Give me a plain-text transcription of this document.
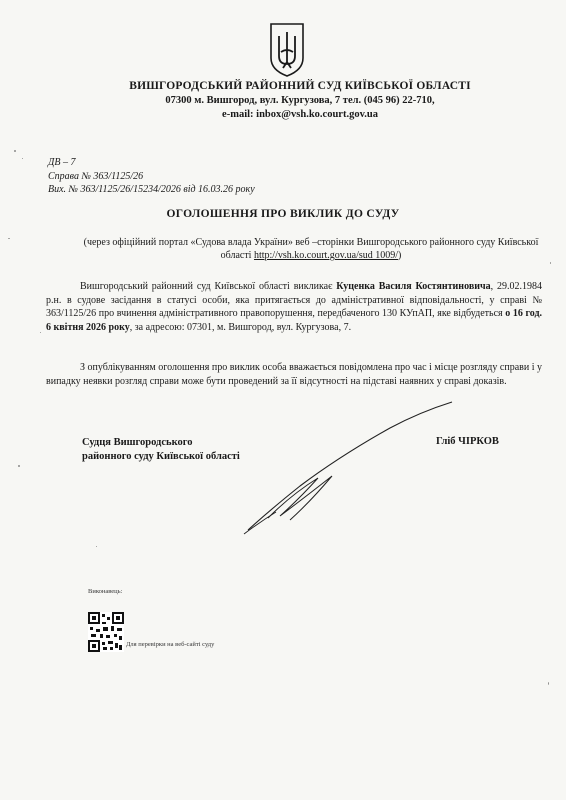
ВИШГОРОДСЬКИЙ РАЙОННИЙ СУД КИЇВСЬКОЇ ОБЛАСТІ
07300 м. Вишгород, вул. Кургузова, 7 тел. (045 96) 22-710,
e-mail: inbox@vsh.ko.court.gov.ua
ДВ – 7
Справа № 363/1125/26
Вих. № 363/1125/26/15234/2026 від 16.03.26 року
ОГОЛОШЕННЯ ПРО ВИКЛИК ДО СУДУ
(через офіційний портал «Судова влада України» веб –сторінки Вишгородського районного суду Київської області http://vsh.ko.court.gov.ua/sud 1009/)
Вишгородський районний суд Київської області викликає Куценка Василя Костянтиновича, 29.02.1984 р.н. в судове засідання в статусі особи, яка притягається до адміністративної відповідальності, у справі № 363/1125/26 про вчинення адміністративного правопорушення, передбаченого 130 КУпАП, яке відбудеться о 16 год. 6 квітня 2026 року, за адресою: 07301, м. Вишгород, вул. Кургузова, 7.
З опублікуванням оголошення про виклик особа вважається повідомлена про час і місце розгляду справи і у випадку неявки розгляд справи може бути проведений за її відсутності на підставі наявних у справі доказів.
Судця Вишгородського
районного суду Київської області
Гліб ЧІРКОВ
Виконавець:
Для перевірки на веб-сайті суду
